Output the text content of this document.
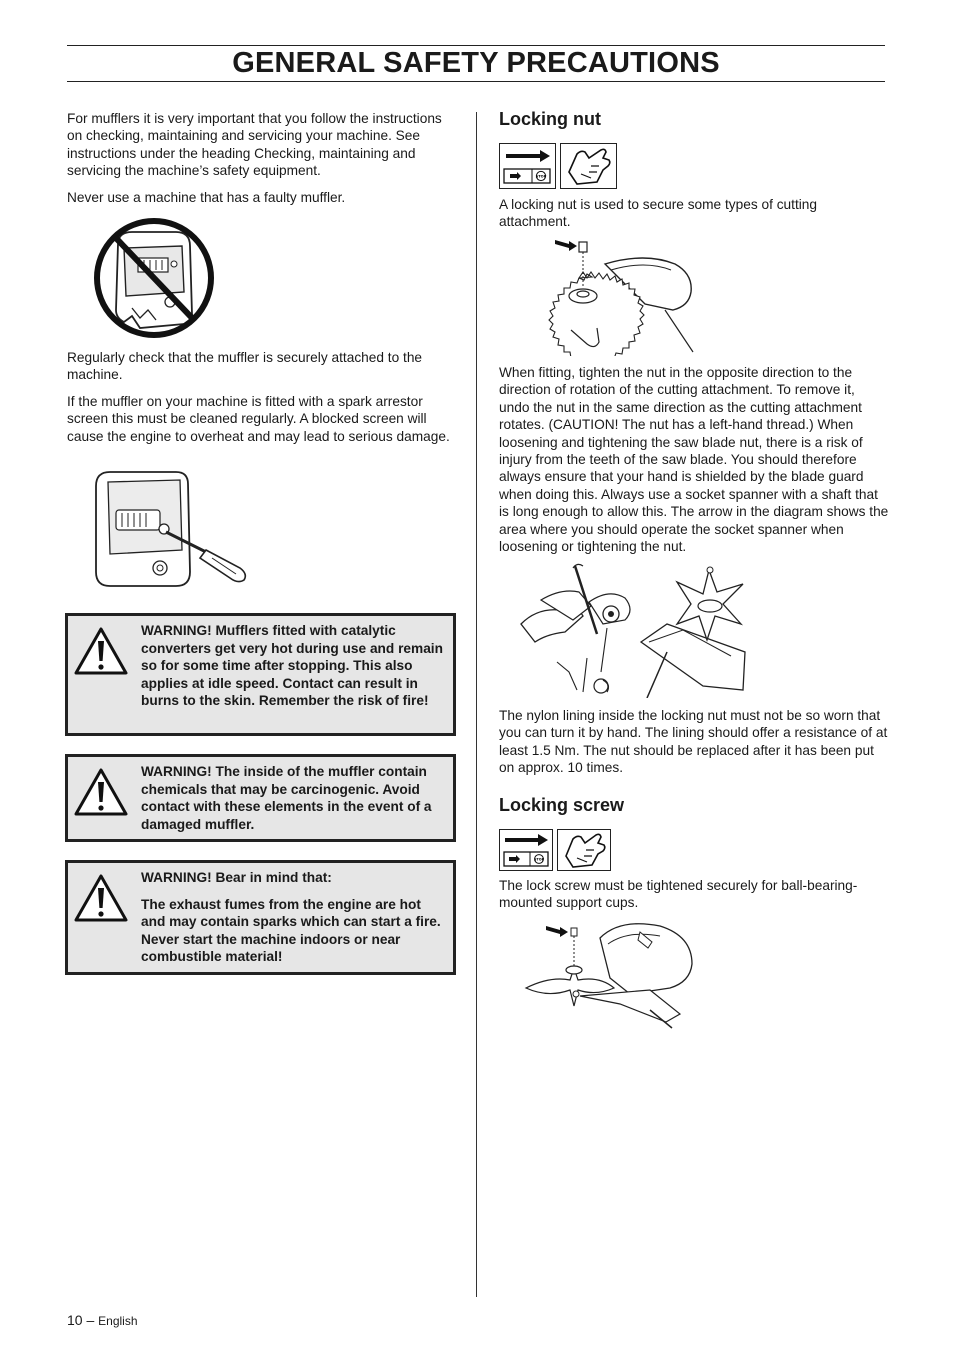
GENERAL SAFETY PRECAUTIONS

For mufflers it is very important that you follow the instructions on checking, maintaining and servicing your machine. See instructions under the heading Checking, maintaining and servicing the machine’s safety equipment.

Never use a machine that has a faulty muffler.

Regularly check that the muffler is securely attached to the machine.

If the muffler on your machine is fitted with a spark arrestor screen this must be cleaned regularly. A blocked screen will cause the engine to overheat and may lead to serious damage.

WARNING! Mufflers fitted with catalytic converters get very hot during use and remain so for some time after stopping. This also applies at idle speed. Contact can result in burns to the skin. Remember the risk of fire!

WARNING! The inside of the muffler contain chemicals that may be carcinogenic. Avoid contact with these elements in the event of a damaged muffler.

WARNING! Bear in mind that:

The exhaust fumes from the engine are hot and may contain sparks which can start a fire. Never start the machine indoors or near combustible material!

Locking nut
STOP

A locking nut is used to secure some types of cutting attachment.

When fitting, tighten the nut in the opposite direction to the direction of rotation of the cutting attachment. To remove it, undo the nut in the same direction as the cutting attachment rotates. (CAUTION! The nut has a left-hand thread.) When loosening and tightening the saw blade nut, there is a risk of injury from the teeth of the saw blade. You should therefore always ensure that your hand is shielded by the blade guard when doing this. Always use a socket spanner with a shaft that is long enough to allow this. The arrow in the diagram shows the area where you should operate the socket spanner when loosening or tightening the nut.

The nylon lining inside the locking nut must not be so worn that you can turn it by hand. The lining should offer a resistance of at least 1.5 Nm. The nut should be replaced after it has been put on approx. 10 times.

Locking screw
STOP

The lock screw must be tightened securely for ball-bearing-mounted support cups.

10 – English
